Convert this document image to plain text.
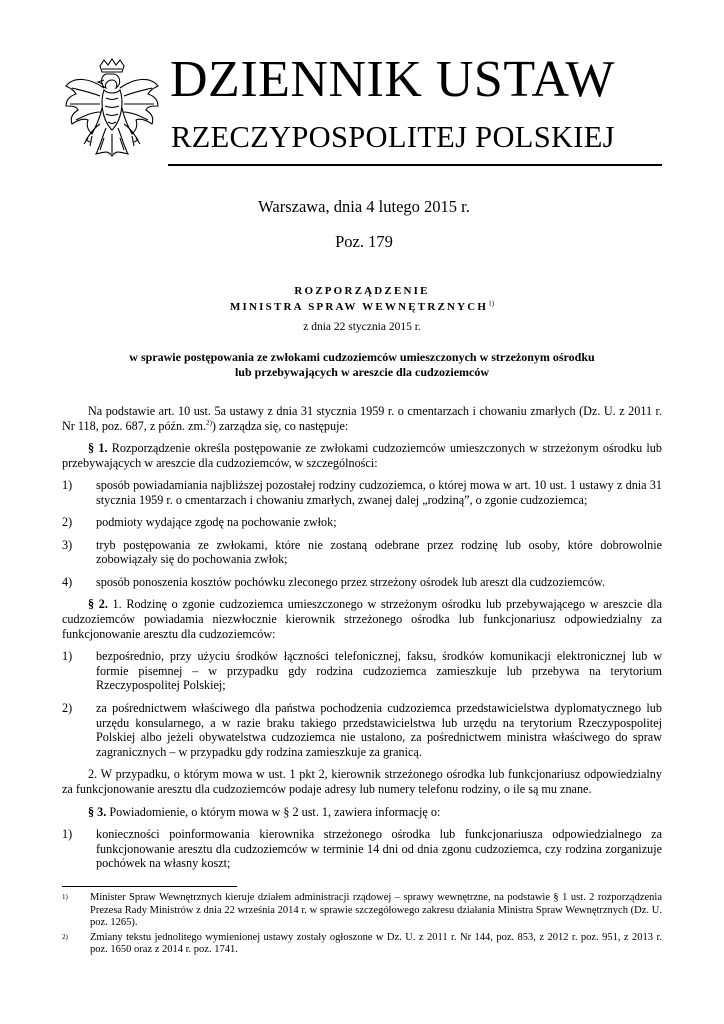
DZIENNIK USTAW
RZECZYPOSPOLITEJ POLSKIEJ
Warszawa, dnia 4 lutego 2015 r.
Poz. 179
ROZPORZĄDZENIE
MINISTRA SPRAW WEWNĘTRZNYCH$^{1)}$
z dnia 22 stycznia 2015 r.
w sprawie postępowania ze zwłokami cudzoziemców umieszczonych w strzeżonym ośrodku
lub przebywających w areszcie dla cudzoziemców

Na podstawie art. 10 ust. 5a ustawy z dnia 31 stycznia 1959 r. o cmentarzach i chowaniu zmarłych (Dz. U. z 2011 r. Nr 118, poz. 687, z późn. zm.$^{2)}$) zarządza się, co następuje:

§ 1. Rozporządzenie określa postępowanie ze zwłokami cudzoziemców umieszczonych w strzeżonym ośrodku lub przebywających w areszcie dla cudzoziemców, w szczególności:

1)	sposób powiadamiania najbliższej pozostałej rodziny cudzoziemca, o której mowa w art. 10 ust. 1 ustawy z dnia 31 stycznia 1959 r. o cmentarzach i chowaniu zmarłych, zwanej dalej „rodziną”, o zgonie cudzoziemca;
2)	podmioty wydające zgodę na pochowanie zwłok;
3)	tryb postępowania ze zwłokami, które nie zostaną odebrane przez rodzinę lub osoby, które dobrowolnie zobowiązały się do pochowania zwłok;
4)	sposób ponoszenia kosztów pochówku zleconego przez strzeżony ośrodek lub areszt dla cudzoziemców.

§ 2. 1. Rodzinę o zgonie cudzoziemca umieszczonego w strzeżonym ośrodku lub przebywającego w areszcie dla cudzoziemców powiadamia niezwłocznie kierownik strzeżonego ośrodka lub funkcjonariusz odpowiedzialny za funkcjonowanie aresztu dla cudzoziemców:

1)	bezpośrednio, przy użyciu środków łączności telefonicznej, faksu, środków komunikacji elektronicznej lub w formie pisemnej – w przypadku gdy rodzina cudzoziemca zamieszkuje lub przebywa na terytorium Rzeczypospolitej Polskiej;
2)	za pośrednictwem właściwego dla państwa pochodzenia cudzoziemca przedstawicielstwa dyplomatycznego lub urzędu konsularnego, a w razie braku takiego przedstawicielstwa lub urzędu na terytorium Rzeczypospolitej Polskiej albo jeżeli obywatelstwa cudzoziemca nie ustalono, za pośrednictwem ministra właściwego do spraw zagranicznych – w przypadku gdy rodzina zamieszkuje za granicą.

2. W przypadku, o którym mowa w ust. 1 pkt 2, kierownik strzeżonego ośrodka lub funkcjonariusz odpowiedzialny za funkcjonowanie aresztu dla cudzoziemców podaje adresy lub numery telefonu rodziny, o ile są mu znane.

§ 3. Powiadomienie, o którym mowa w § 2 ust. 1, zawiera informację o:

1)	konieczności poinformowania kierownika strzeżonego ośrodka lub funkcjonariusza odpowiedzialnego za funkcjonowanie aresztu dla cudzoziemców w terminie 14 dni od dnia zgonu cudzoziemca, czy rodzina zorganizuje pochówek na własny koszt;
1)	Minister Spraw Wewnętrznych kieruje działem administracji rządowej – sprawy wewnętrzne, na podstawie § 1 ust. 2 rozporządzenia Prezesa Rady Ministrów z dnia 22 września 2014 r. w sprawie szczegółowego zakresu działania Ministra Spraw Wewnętrznych (Dz. U. poz. 1265).
2)	Zmiany tekstu jednolitego wymienionej ustawy zostały ogłoszone w Dz. U. z 2011 r. Nr 144, poz. 853, z 2012 r. poz. 951, z 2013 r. poz. 1650 oraz z 2014 r. poz. 1741.
